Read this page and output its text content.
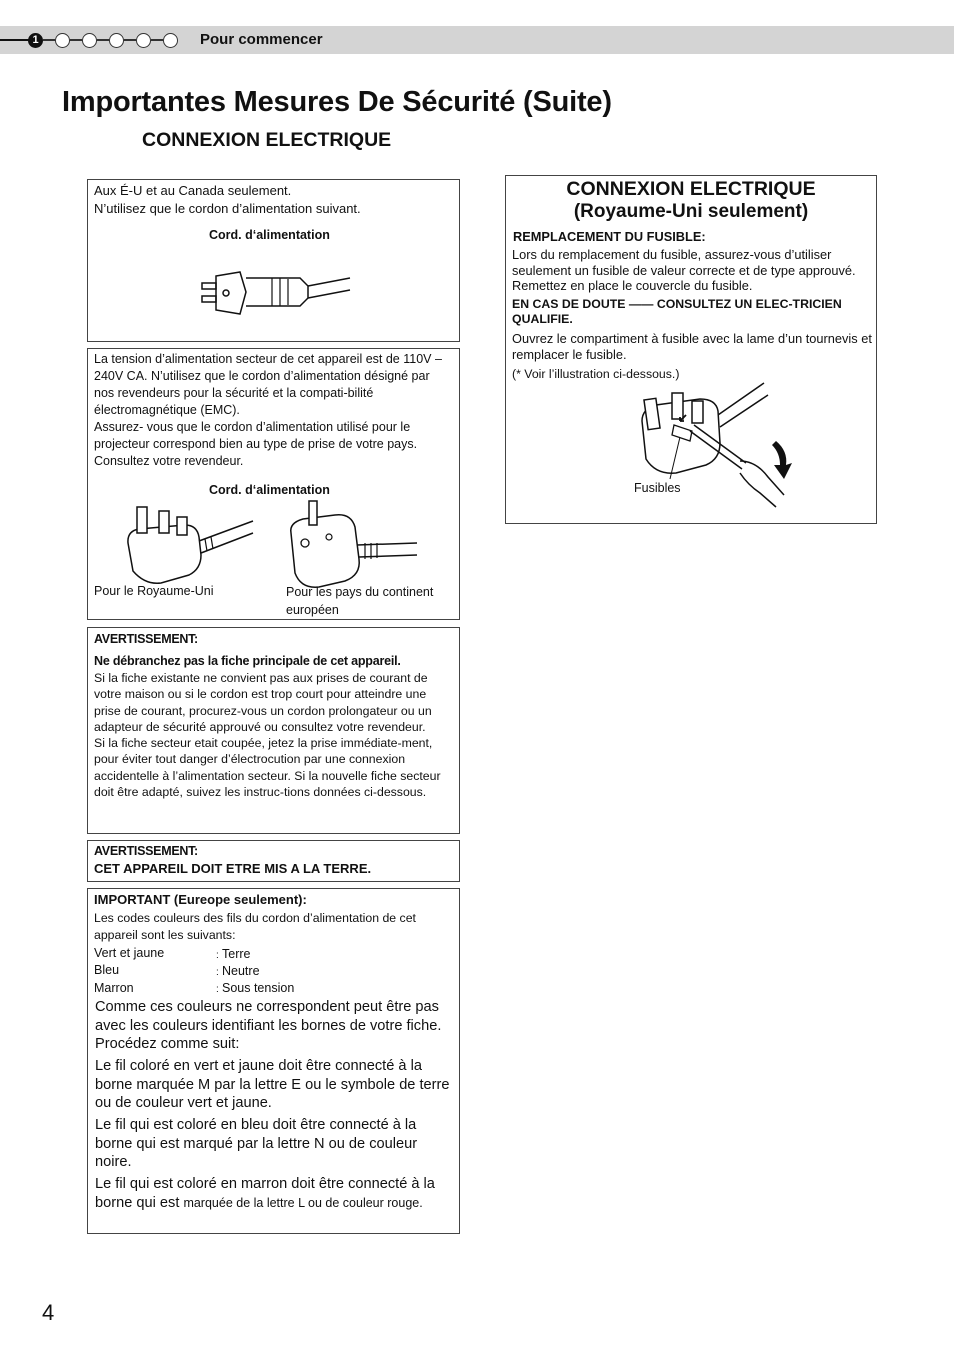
1	Pour commencer
Importantes Mesures De Sécurité (Suite)
CONNEXION ELECTRIQUE
Aux É-U et au Canada seulement.
N’utilisez que le cordon d’alimentation suivant.
Cord. d‘alimentation
La tension d’alimentation secteur de cet appareil est de 110V – 240V CA. N’utilisez que le cordon d’alimentation désigné par nos revendeurs pour la sécurité et la compati-bilité électromagnétique (EMC).
Assurez- vous que le cordon d’alimentation utilisé pour le projecteur correspond bien au type de prise de votre pays. Consultez votre revendeur.
Cord. d‘alimentation
Pour le Royaume-Uni	Pour les pays du continent européen
AVERTISSEMENT:
Ne débranchez pas la fiche principale de cet appareil.
Si la fiche existante ne convient pas aux prises de courant de votre maison ou si le cordon est trop court pour atteindre une prise de courant, procurez-vous un cordon prolongateur ou un adapteur de sécurité approuvé ou consultez votre revendeur.
Si la fiche secteur etait coupée, jetez la prise immédiate-ment, pour éviter tout danger d’électrocution par une connexion accidentelle à l’alimentation secteur. Si la nouvelle fiche secteur doit être adapté, suivez les instruc-tions données ci-dessous.
AVERTISSEMENT:
CET APPAREIL DOIT ETRE MIS A LA TERRE.
IMPORTANT (Eureope seulement):
Les codes couleurs des fils du cordon d’alimentation de cet appareil sont les suivants:
Vert et jaune	: Terre
Bleu	: Neutre
Marron	: Sous tension
Comme ces couleurs ne correspondent peut être pas avec les couleurs identifiant les bornes de votre fiche. Procédez comme suit:
Le fil coloré en vert et jaune doit être connecté à la borne marquée M par la lettre E ou le symbole de terre ou de couleur vert et jaune.
Le fil qui est coloré en bleu doit être connecté à la borne qui est marqué par la lettre N ou de couleur noire.
Le fil qui est coloré en marron doit être connecté à la borne qui est marquée de la lettre L ou de couleur rouge.
CONNEXION ELECTRIQUE
(Royaume-Uni seulement)
REMPLACEMENT DU FUSIBLE:
Lors du remplacement du fusible, assurez-vous d’utiliser seulement un fusible de valeur correcte et de type approuvé. Remettez en place le couvercle du fusible.
EN CAS DE DOUTE —— CONSULTEZ UN ELEC-TRICIEN QUALIFIE.
Ouvrez le compartiment à fusible avec la lame d’un tournevis et remplacer le fusible.
(* Voir l’illustration ci-dessous.)
Fusibles
4
